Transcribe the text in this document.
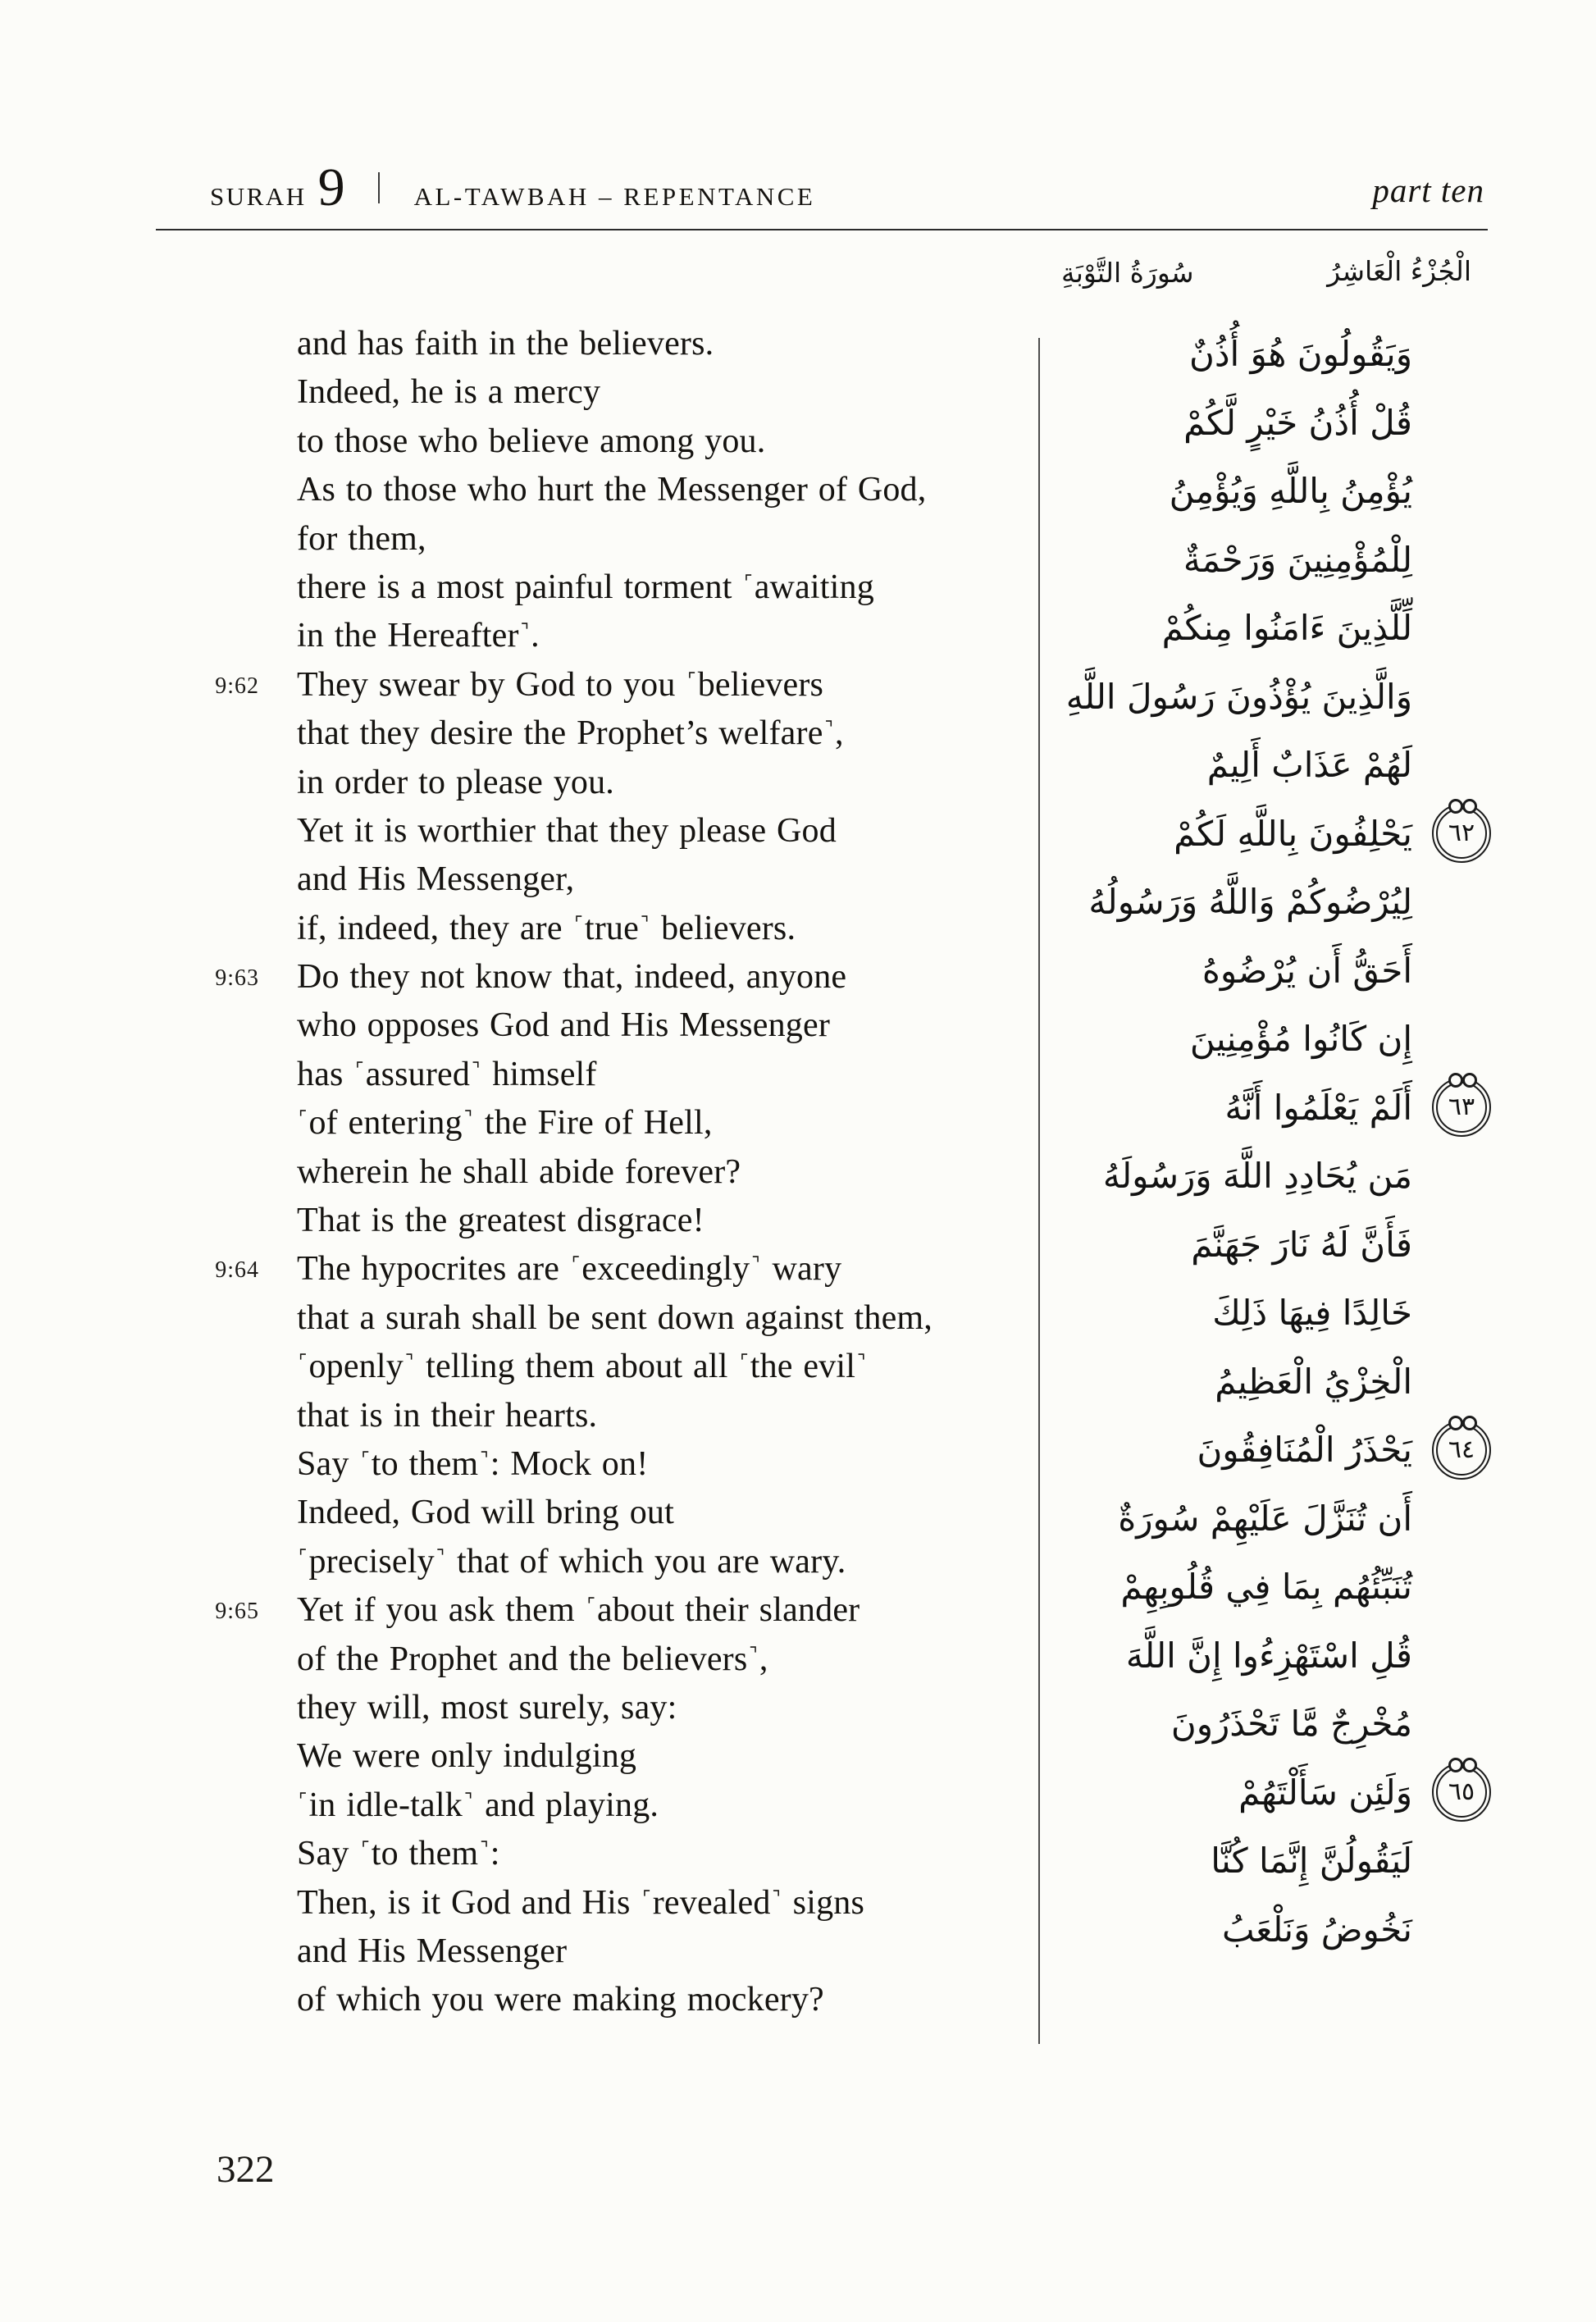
SURAH 9	AL-TAWBAH – REPENTANCE	part ten
سُورَةُ التَّوْبَةِ	الْجُزْءُ الْعَاشِرُ
and has faith in the believers.
Indeed, he is a mercy
to those who believe among you.
As to those who hurt the Messenger of God,
for them,
there is a most painful torment ⌜awaiting
in the Hereafter⌝.
9:62 They swear by God to you ⌜believers
that they desire the Prophet’s welfare⌝,
in order to please you.
Yet it is worthier that they please God
and His Messenger,
if, indeed, they are ⌜true⌝ believers.
9:63 Do they not know that, indeed, anyone
who opposes God and His Messenger
has ⌜assured⌝ himself
⌜of entering⌝ the Fire of Hell,
wherein he shall abide forever?
That is the greatest disgrace!
9:64 The hypocrites are ⌜exceedingly⌝ wary
that a surah shall be sent down against them,
⌜openly⌝ telling them about all ⌜the evil⌝
that is in their hearts.
Say ⌜to them⌝: Mock on!
Indeed, God will bring out
⌜precisely⌝ that of which you are wary.
9:65 Yet if you ask them ⌜about their slander
of the Prophet and the believers⌝,
they will, most surely, say:
We were only indulging
⌜in idle-talk⌝ and playing.
Say ⌜to them⌝:
Then, is it God and His ⌜revealed⌝ signs
and His Messenger
of which you were making mockery?
وَيَقُولُونَ هُوَ أُذُنٌ
قُلْ أُذُنُ خَيْرٍ لَّكُمْ
يُؤْمِنُ بِاللَّهِ وَيُؤْمِنُ
لِلْمُؤْمِنِينَ وَرَحْمَةٌ
لِّلَّذِينَ ءَامَنُوا مِنكُمْ
وَالَّذِينَ يُؤْذُونَ رَسُولَ اللَّهِ
لَهُمْ عَذَابٌ أَلِيمٌ
يَحْلِفُونَ بِاللَّهِ لَكُمْ	٦٢
لِيُرْضُوكُمْ وَاللَّهُ وَرَسُولُهُ
أَحَقُّ أَن يُرْضُوهُ
إِن كَانُوا مُؤْمِنِينَ
أَلَمْ يَعْلَمُوا أَنَّهُ	٦٣
مَن يُحَادِدِ اللَّهَ وَرَسُولَهُ
فَأَنَّ لَهُ نَارَ جَهَنَّمَ
خَالِدًا فِيهَا ذَلِكَ
الْخِزْيُ الْعَظِيمُ
يَحْذَرُ الْمُنَافِقُونَ	٦٤
أَن تُنَزَّلَ عَلَيْهِمْ سُورَةٌ
تُنَبِّئُهُم بِمَا فِي قُلُوبِهِمْ
قُلِ اسْتَهْزِءُوا إِنَّ اللَّهَ
مُخْرِجٌ مَّا تَحْذَرُونَ
وَلَئِن سَأَلْتَهُمْ	٦٥
لَيَقُولُنَّ إِنَّمَا كُنَّا
نَخُوضُ وَنَلْعَبُ
322
